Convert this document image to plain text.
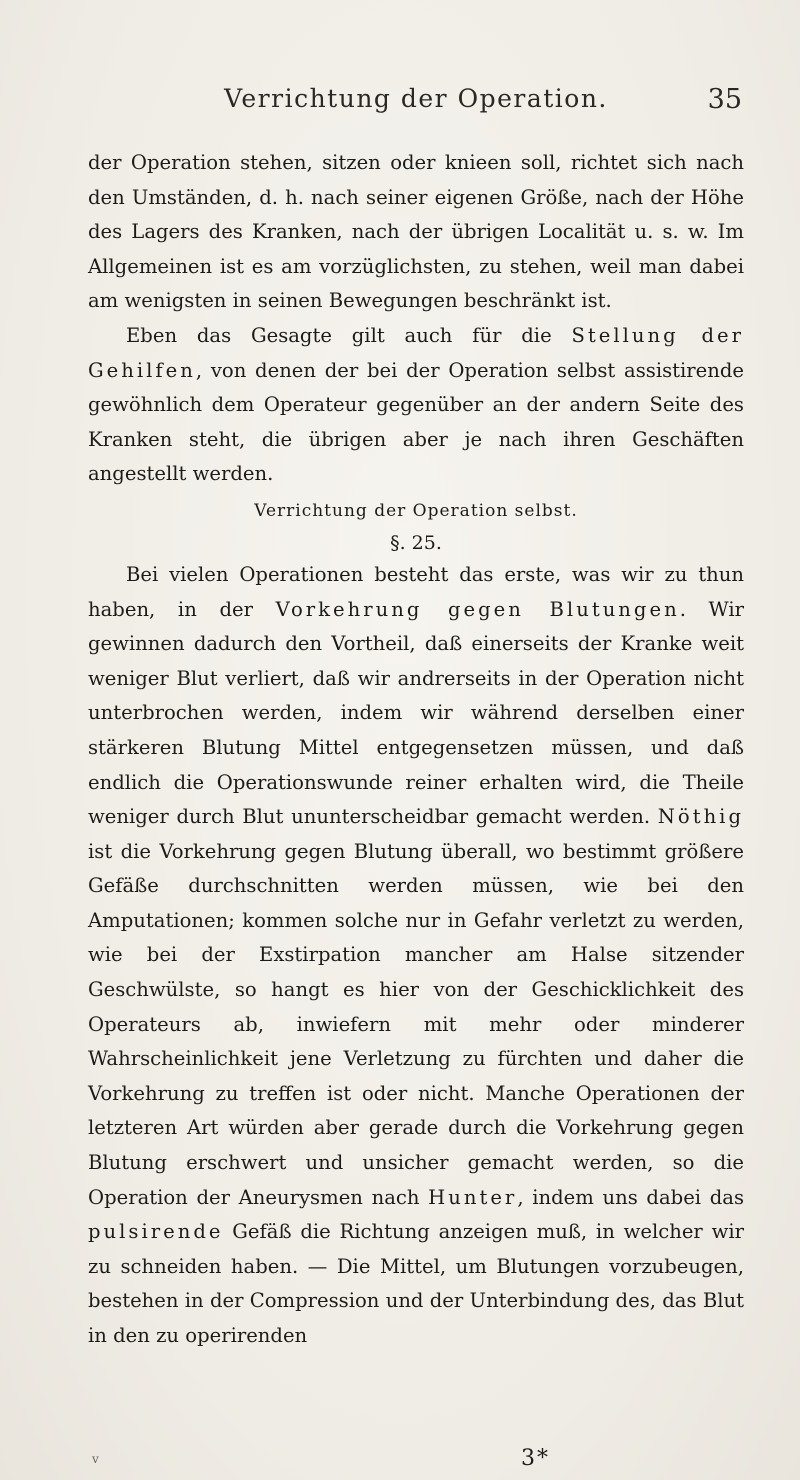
Verrichtung der Operation.	35

der Operation stehen, sitzen oder knieen soll, richtet sich nach den Umständen, d. h. nach seiner eigenen Größe, nach der Höhe des Lagers des Kranken, nach der übrigen Localität u. s. w. Im Allgemeinen ist es am vorzüglichsten, zu stehen, weil man dabei am wenigsten in seinen Bewegungen beschränkt ist.

Eben das Gesagte gilt auch für die Stellung der Gehilfen, von denen der bei der Operation selbst assistirende gewöhnlich dem Operateur gegenüber an der andern Seite des Kranken steht, die übrigen aber je nach ihren Geschäften angestellt werden.

Verrichtung der Operation selbst.
§. 25.

Bei vielen Operationen besteht das erste, was wir zu thun haben, in der Vorkehrung gegen Blutungen. Wir gewinnen dadurch den Vortheil, daß einerseits der Kranke weit weniger Blut verliert, daß wir andrerseits in der Operation nicht unterbrochen werden, indem wir während derselben einer stärkeren Blutung Mittel entgegensetzen müssen, und daß endlich die Operationswunde reiner erhalten wird, die Theile weniger durch Blut ununterscheidbar gemacht werden. Nöthig ist die Vorkehrung gegen Blutung überall, wo bestimmt größere Gefäße durchschnitten werden müssen, wie bei den Amputationen; kommen solche nur in Gefahr verletzt zu werden, wie bei der Exstirpation mancher am Halse sitzender Geschwülste, so hangt es hier von der Geschicklichkeit des Operateurs ab, inwiefern mit mehr oder minderer Wahrscheinlichkeit jene Verletzung zu fürchten und daher die Vorkehrung zu treffen ist oder nicht. Manche Operationen der letzteren Art würden aber gerade durch die Vorkehrung gegen Blutung erschwert und unsicher gemacht werden, so die Operation der Aneurysmen nach Hunter, indem uns dabei das pulsirende Gefäß die Richtung anzeigen muß, in welcher wir zu schneiden haben. — Die Mittel, um Blutungen vorzubeugen, bestehen in der Compression und der Unterbindung des, das Blut in den zu operirenden

v	3*
